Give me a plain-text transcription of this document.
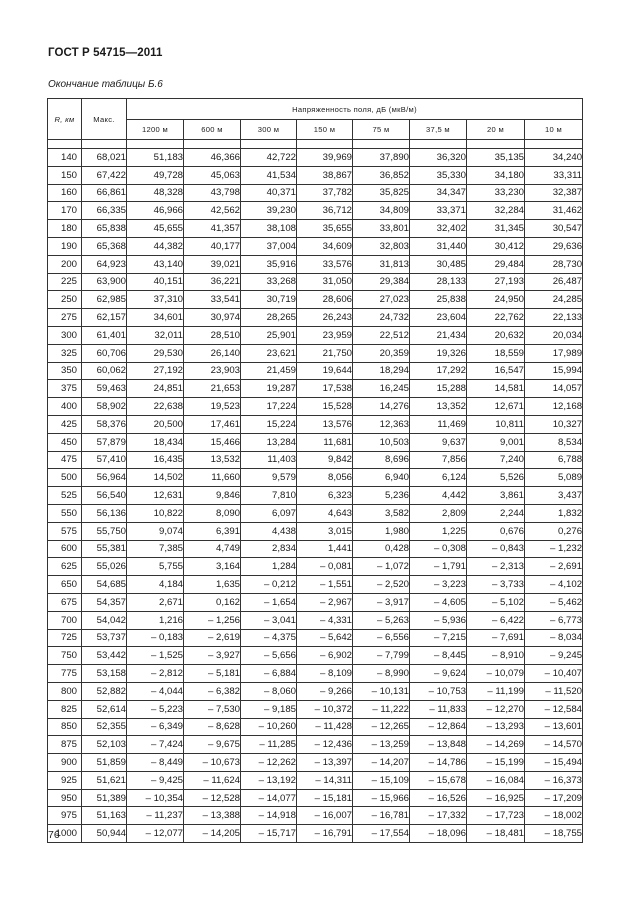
ГОСТ Р 54715—2011
Окончание таблицы Б.6
R, км	Макс.	Напряженность поля, дБ (мкВ/м)							
		1200 м	600 м	300 м	150 м	75 м	37,5 м	20 м	10 м

140	68,021	51,183	46,366	42,722	39,969	37,890	36,320	35,135	34,240
150	67,422	49,728	45,063	41,534	38,867	36,852	35,330	34,180	33,311
160	66,861	48,328	43,798	40,371	37,782	35,825	34,347	33,230	32,387
170	66,335	46,966	42,562	39,230	36,712	34,809	33,371	32,284	31,462
180	65,838	45,655	41,357	38,108	35,655	33,801	32,402	31,345	30,547
190	65,368	44,382	40,177	37,004	34,609	32,803	31,440	30,412	29,636
200	64,923	43,140	39,021	35,916	33,576	31,813	30,485	29,484	28,730
225	63,900	40,151	36,221	33,268	31,050	29,384	28,133	27,193	26,487
250	62,985	37,310	33,541	30,719	28,606	27,023	25,838	24,950	24,285
275	62,157	34,601	30,974	28,265	26,243	24,732	23,604	22,762	22,133
300	61,401	32,011	28,510	25,901	23,959	22,512	21,434	20,632	20,034
325	60,706	29,530	26,140	23,621	21,750	20,359	19,326	18,559	17,989
350	60,062	27,192	23,903	21,459	19,644	18,294	17,292	16,547	15,994
375	59,463	24,851	21,653	19,287	17,538	16,245	15,288	14,581	14,057
400	58,902	22,638	19,523	17,224	15,528	14,276	13,352	12,671	12,168
425	58,376	20,500	17,461	15,224	13,576	12,363	11,469	10,811	10,327
450	57,879	18,434	15,466	13,284	11,681	10,503	9,637	9,001	8,534
475	57,410	16,435	13,532	11,403	9,842	8,696	7,856	7,240	6,788
500	56,964	14,502	11,660	9,579	8,056	6,940	6,124	5,526	5,089
525	56,540	12,631	9,846	7,810	6,323	5,236	4,442	3,861	3,437
550	56,136	10,822	8,090	6,097	4,643	3,582	2,809	2,244	1,832
575	55,750	9,074	6,391	4,438	3,015	1,980	1,225	0,676	0,276
600	55,381	7,385	4,749	2,834	1,441	0,428	– 0,308	– 0,843	– 1,232
625	55,026	5,755	3,164	1,284	– 0,081	– 1,072	– 1,791	– 2,313	– 2,691
650	54,685	4,184	1,635	– 0,212	– 1,551	– 2,520	– 3,223	– 3,733	– 4,102
675	54,357	2,671	0,162	– 1,654	– 2,967	– 3,917	– 4,605	– 5,102	– 5,462
700	54,042	1,216	– 1,256	– 3,041	– 4,331	– 5,263	– 5,936	– 6,422	– 6,773
725	53,737	– 0,183	– 2,619	– 4,375	– 5,642	– 6,556	– 7,215	– 7,691	– 8,034
750	53,442	– 1,525	– 3,927	– 5,656	– 6,902	– 7,799	– 8,445	– 8,910	– 9,245
775	53,158	– 2,812	– 5,181	– 6,884	– 8,109	– 8,990	– 9,624	– 10,079	– 10,407
800	52,882	– 4,044	– 6,382	– 8,060	– 9,266	– 10,131	– 10,753	– 11,199	– 11,520
825	52,614	– 5,223	– 7,530	– 9,185	– 10,372	– 11,222	– 11,833	– 12,270	– 12,584
850	52,355	– 6,349	– 8,628	– 10,260	– 11,428	– 12,265	– 12,864	– 13,293	– 13,601
875	52,103	– 7,424	– 9,675	– 11,285	– 12,436	– 13,259	– 13,848	– 14,269	– 14,570
900	51,859	– 8,449	– 10,673	– 12,262	– 13,397	– 14,207	– 14,786	– 15,199	– 15,494
925	51,621	– 9,425	– 11,624	– 13,192	– 14,311	– 15,109	– 15,678	– 16,084	– 16,373
950	51,389	– 10,354	– 12,528	– 14,077	– 15,181	– 15,966	– 16,526	– 16,925	– 17,209
975	51,163	– 11,237	– 13,388	– 14,918	– 16,007	– 16,781	– 17,332	– 17,723	– 18,002
1000	50,944	– 12,077	– 14,205	– 15,717	– 16,791	– 17,554	– 18,096	– 18,481	– 18,755
76
